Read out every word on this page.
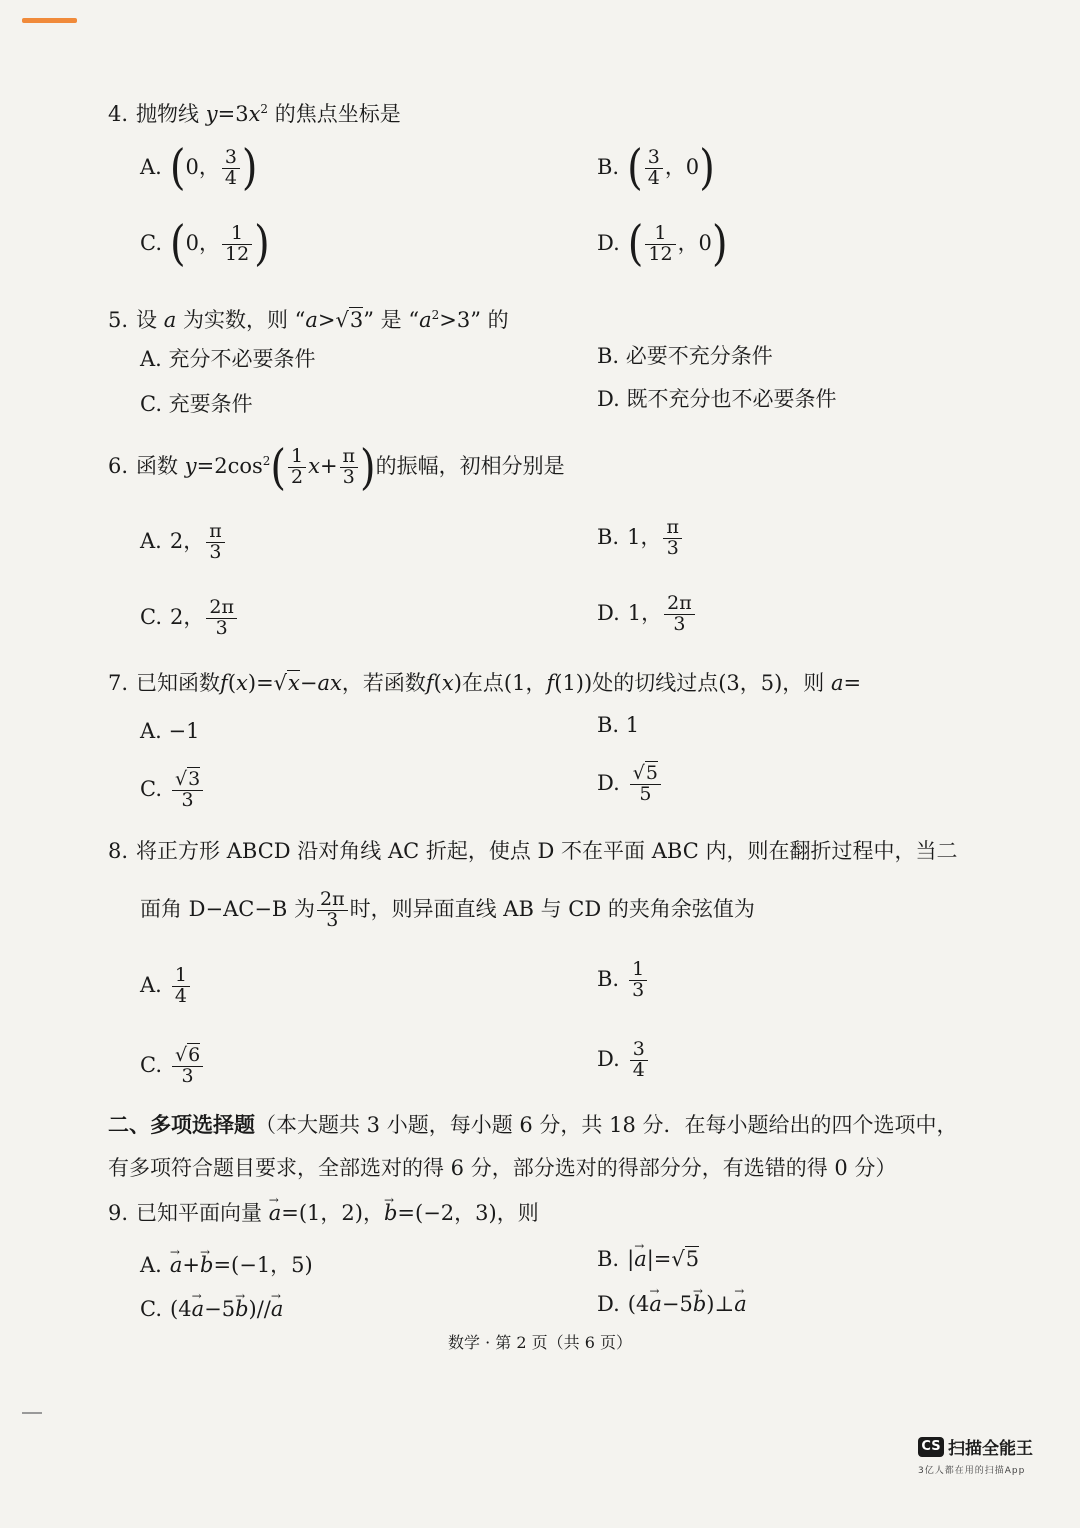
4. 抛物线 $y=3x^2$ 的焦点坐标是
A. (0， $\frac{3}{4}$ )	B. ( $\frac{3}{4}$ ，0)
C. (0， $\frac{1}{12}$ )	D. ( $\frac{1}{12}$ ，0)
5. 设 a 为实数，则 “a>√3” 是 “$a^2>3$” 的
A. 充分不必要条件	B. 必要不充分条件
C. 充要条件	D. 既不充分也不必要条件
6. 函数 $y=2\cos^2( \frac{1}{2} x+ \frac{\pi}{3}$ )的振幅，初相分别是
A. 2， $\frac{\pi}{3}$	B. 1， $\frac{\pi}{3}$
C. 2， $\frac{2\pi}{3}$	D. 1， $\frac{2\pi}{3}$
7. 已知函数f(x)=√x−ax，若函数f(x)在点(1，f(1))处的切线过点(3，5)，则 a=
A. −1	B. 1
C. $\frac{√3}{3}$	D. $\frac{√5}{5}$
8. 将正方形 ABCD 沿对角线 AC 折起，使点 D 不在平面 ABC 内，则在翻折过程中，当二
面角 D−AC−B 为 $\frac{2\pi}{3}$ 时，则异面直线 AB 与 CD 的夹角余弦值为
A. $\frac{1}{4}$	B. $\frac{1}{3}$
C. $\frac{√6}{3}$	D. $\frac{3}{4}$
二、多项选择题（本大题共 3 小题，每小题 6 分，共 18 分．在每小题给出的四个选项中，
有多项符合题目要求，全部选对的得 6 分，部分选对的得部分分，有选错的得 0 分）
9. 已知平面向量 → a=(1，2)，→ b=(−2，3)，则
A. → a+→ b=(−1，5)	B. |→ a|=√5
C. (4→ a−5→ b)//→ a	D. (4→ a−5→ b)⊥→ a
数学 · 第 2 页（共 6 页）
CS 扫描全能王
3亿人都在用的扫描App
